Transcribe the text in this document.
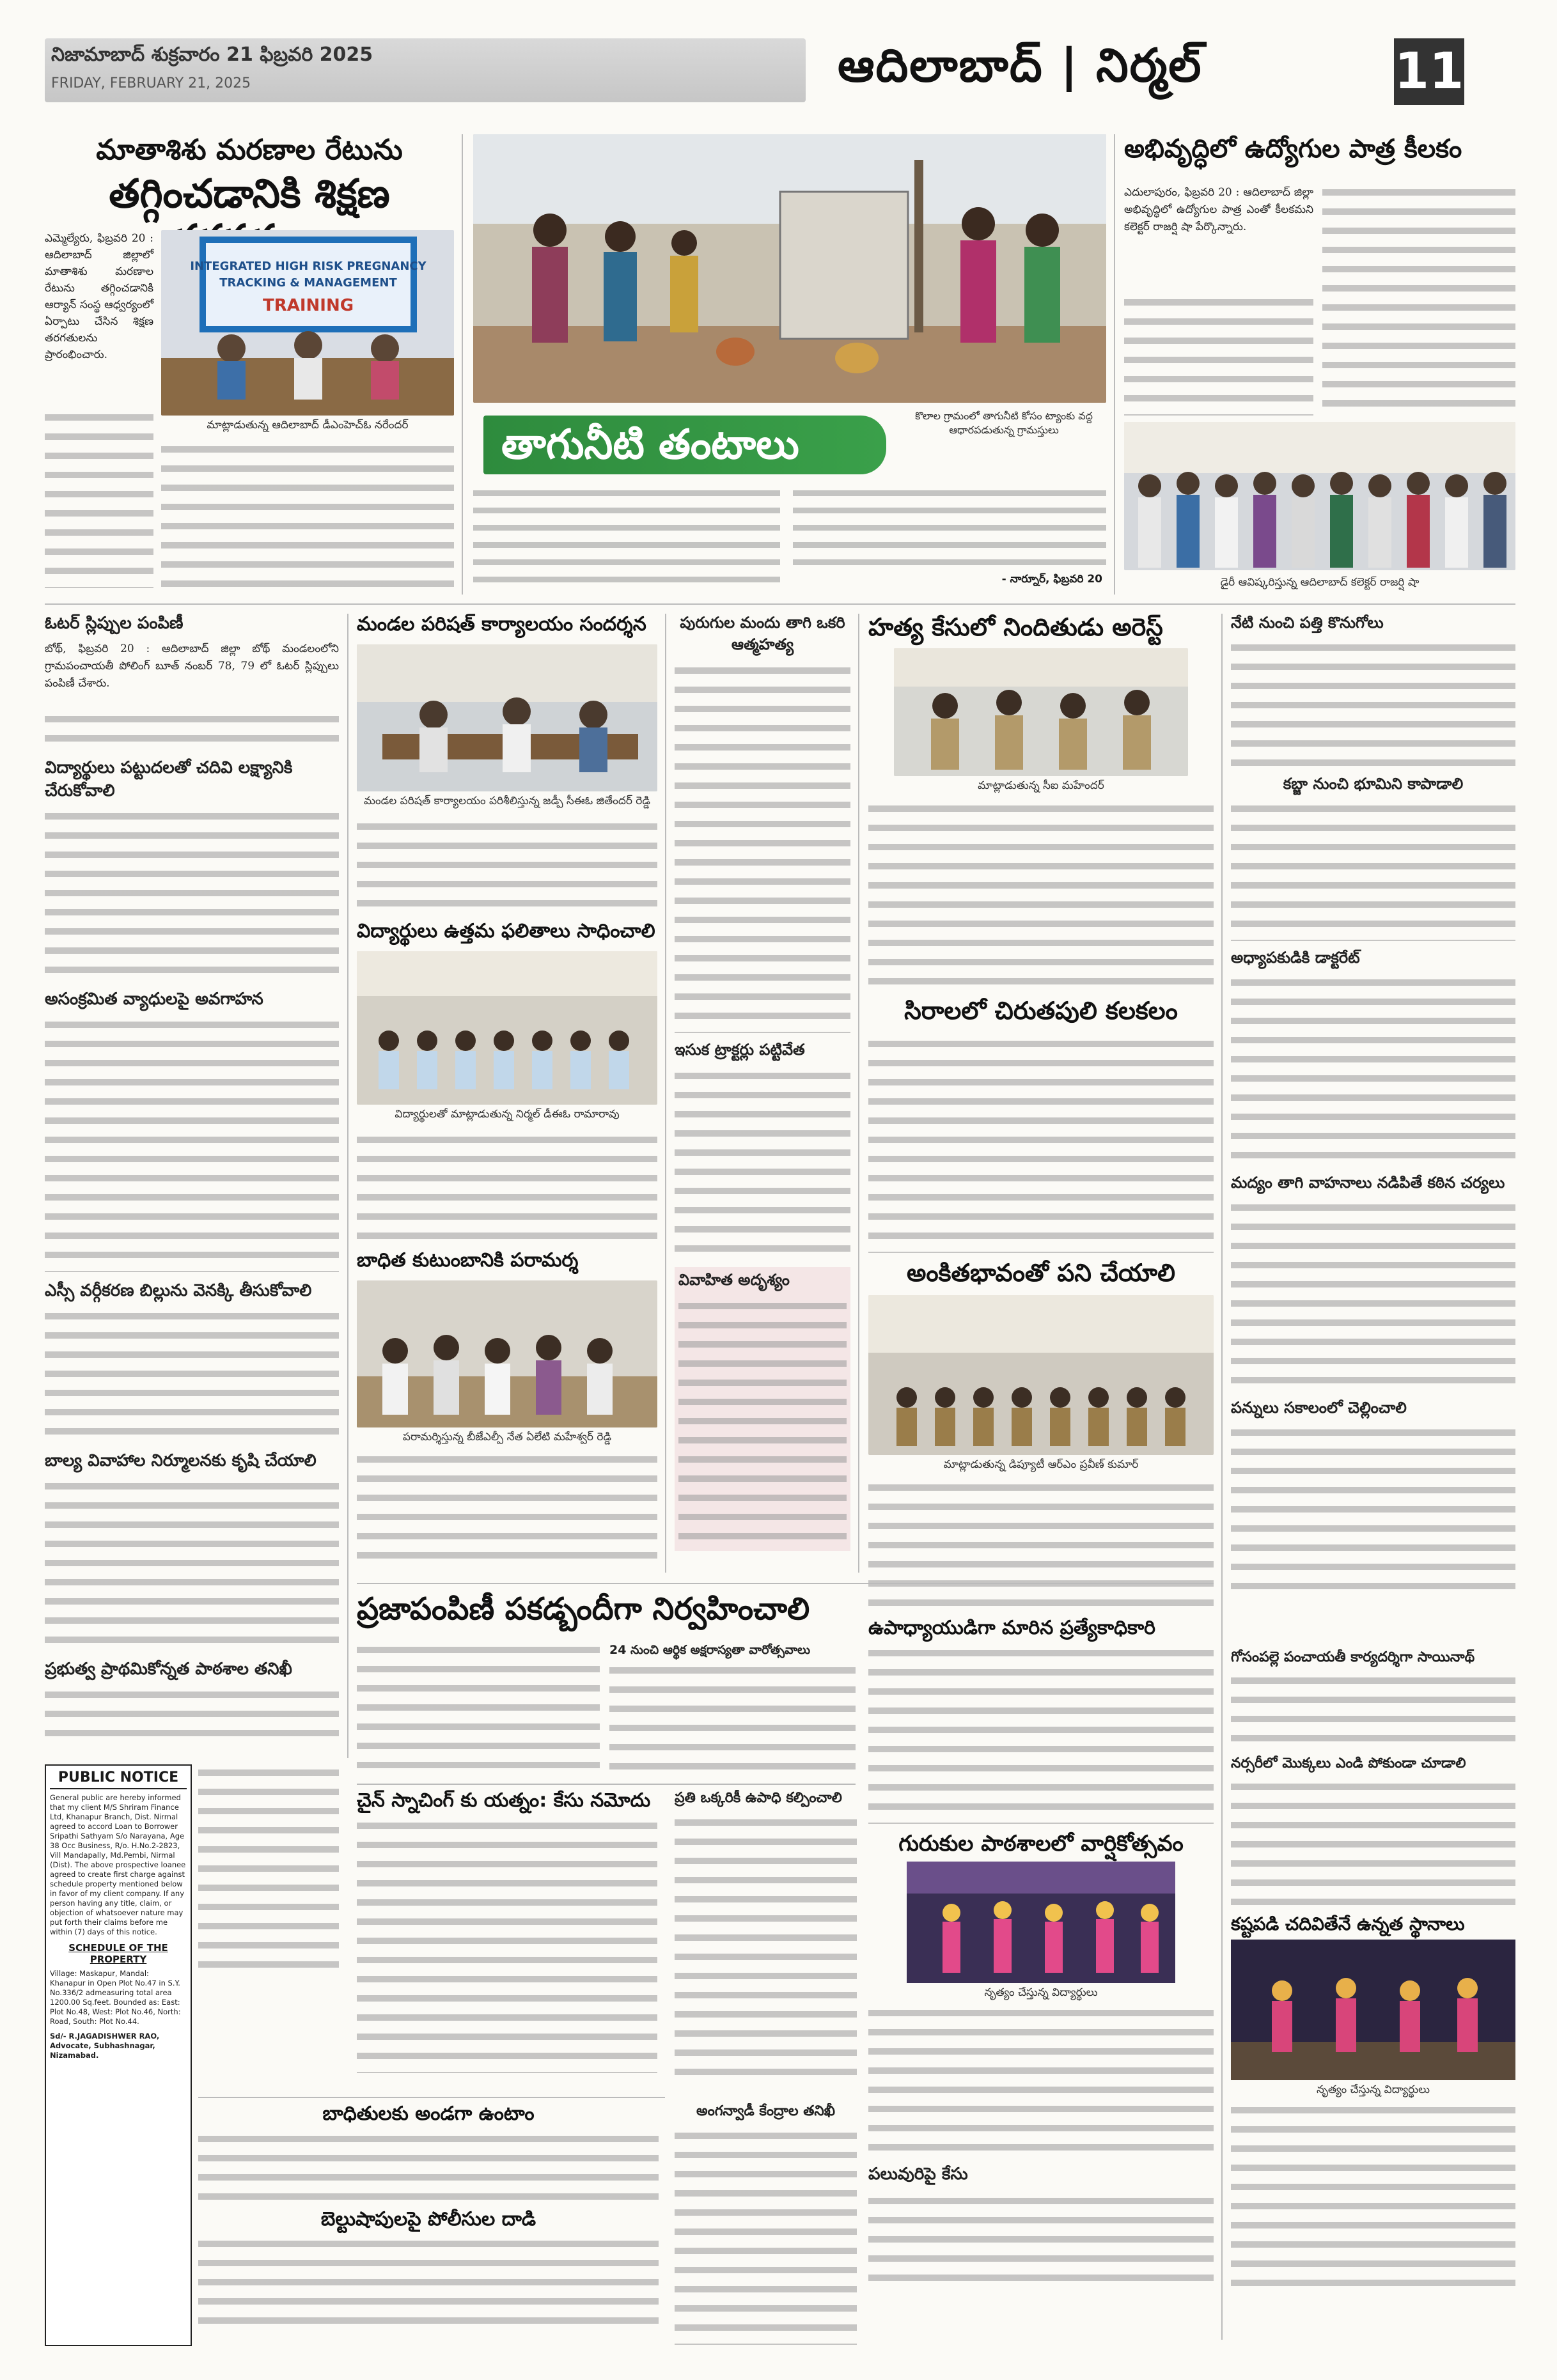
నిజామాబాద్ శుక్రవారం 21 ఫిబ్రవరి 2025
FRIDAY, FEBRUARY 21, 2025	ఆదిలాబాద్ | నిర్మల్	11
మాతాశిశు మరణాల రేటును
తగ్గించడానికి శిక్షణ
ఎమ్మెల్యేరు, ఫిబ్రవరి 20 : ఆదిలాబాద్ జిల్లాలో మాతాశిశు మరణాల రేటును తగ్గించడానికి ఆర్యాన్ సంస్థ ఆధ్వర్యంలో ఏర్పాటు చేసిన శిక్షణ తరగతులను ప్రారంభించారు.
INTEGRATED HIGH RISK PREGNANCY
TRACKING & MANAGEMENT
TRAINING
మాట్లాడుతున్న ఆదిలాబాద్ డీఎంహెచ్ఓ నరేందర్	తాగునీటి తంటాలు
కొలాల గ్రామంలో తాగునీటి కోసం ట్యాంకు వద్ద ఆధారపడుతున్న గ్రామస్తులు
- నార్నూర్, ఫిబ్రవరి 20
అభివృద్ధిలో ఉద్యోగుల పాత్ర కీలకం
ఎదులాపురం, ఫిబ్రవరి 20 : ఆదిలాబాద్ జిల్లా అభివృద్ధిలో ఉద్యోగుల పాత్ర ఎంతో కీలకమని కలెక్టర్ రాజర్షి షా పేర్కొన్నారు.
డైరీ ఆవిష్కరిస్తున్న ఆదిలాబాద్ కలెక్టర్ రాజర్షి షా
ఓటర్ స్లిప్పుల పంపిణీ
బోథ్, ఫిబ్రవరి 20 : ఆదిలాబాద్ జిల్లా బోథ్ మండలంలోని గ్రామపంచాయతీ పోలింగ్ బూత్ నంబర్ 78, 79 లో ఓటర్ స్లిప్పులు పంపిణీ చేశారు.
విద్యార్థులు పట్టుదలతో చదివి లక్ష్యానికి చేరుకోవాలి
అసంక్రమిత వ్యాధులపై అవగాహన
ఎస్సీ వర్గీకరణ బిల్లును వెనక్కి తీసుకోవాలి
బాల్య వివాహాల నిర్మూలనకు కృషి చేయాలి
ప్రభుత్వ ప్రాథమికోన్నత పాఠశాల తనిఖీ
మండల పరిషత్ కార్యాలయం సందర్శన
మండల పరిషత్ కార్యాలయం పరిశీలిస్తున్న జడ్పీ సీఈఓ జితేందర్ రెడ్డి
విద్యార్థులు ఉత్తమ ఫలితాలు సాధించాలి
విద్యార్థులతో మాట్లాడుతున్న నిర్మల్ డీఈఓ రామారావు
బాధిత కుటుంబానికి పరామర్శ
పరామర్శిస్తున్న బీజేఎల్పీ నేత ఏలేటి మహేశ్వర్ రెడ్డి
పురుగుల మందు తాగి ఒకరి ఆత్మహత్య
ఇసుక ట్రాక్టర్లు పట్టివేత
వివాహిత అదృశ్యం
హత్య కేసులో నిందితుడు అరెస్ట్
మాట్లాడుతున్న సీఐ మహేందర్
సిరాలలో చిరుతపులి కలకలం
అంకితభావంతో పని చేయాలి
మాట్లాడుతున్న డిప్యూటీ ఆర్ఎం ప్రవీణ్ కుమార్
నేటి నుంచి పత్తి కొనుగోలు
కబ్జా నుంచి భూమిని కాపాడాలి
అధ్యాపకుడికి డాక్టరేట్
మద్యం తాగి వాహనాలు నడిపితే కఠిన చర్యలు
పన్నులు సకాలంలో చెల్లించాలి
గోసంపల్లె పంచాయతీ కార్యదర్శిగా సాయినాథ్
నర్సరీలో మొక్కలు ఎండి పోకుండా చూడాలి
కష్టపడి చదివితేనే ఉన్నత స్థానాలు
నృత్యం చేస్తున్న విద్యార్థులు
ప్రజాపంపిణీ పకడ్బందీగా నిర్వహించాలి
24 నుంచి ఆర్థిక అక్షరాస్యతా వారోత్సవాలు
PUBLIC NOTICE
General public are hereby informed that my client M/S Shriram Finance Ltd, Khanapur Branch, Dist. Nirmal agreed to accord Loan to Borrower Sripathi Sathyam S/o Narayana, Age 38 Occ Business, R/o. H.No.2-2823, Vill Mandapally, Md.Pembi, Nirmal (Dist). The above prospective loanee agreed to create first charge against schedule property mentioned below in favor of my client company. If any person having any title, claim, or objection of whatsoever nature may put forth their claims before me within (7) days of this notice.
SCHEDULE OF THE PROPERTY
Village: Maskapur, Mandal: Khanapur in Open Plot No.47 in S.Y. No.336/2 admeasuring total area 1200.00 Sq.feet. Bounded as: East: Plot No.48, West: Plot No.46, North: Road, South: Plot No.44.
Sd/- R.JAGADISHWER RAO, Advocate, Subhashnagar, Nizamabad.
చైన్ స్నాచింగ్ కు యత్నం: కేసు నమోదు	ప్రతి ఒక్కరికీ ఉపాధి కల్పించాలి
బాధితులకు అండగా ఉంటాం
బెల్టుషాపులపై పోలీసుల దాడి
అంగన్వాడీ కేంద్రాల తనిఖీ
ఉపాధ్యాయుడిగా మారిన ప్రత్యేకాధికారి
గురుకుల పాఠశాలలో వార్షికోత్సవం
నృత్యం చేస్తున్న విద్యార్థులు
పలువురిపై కేసు
